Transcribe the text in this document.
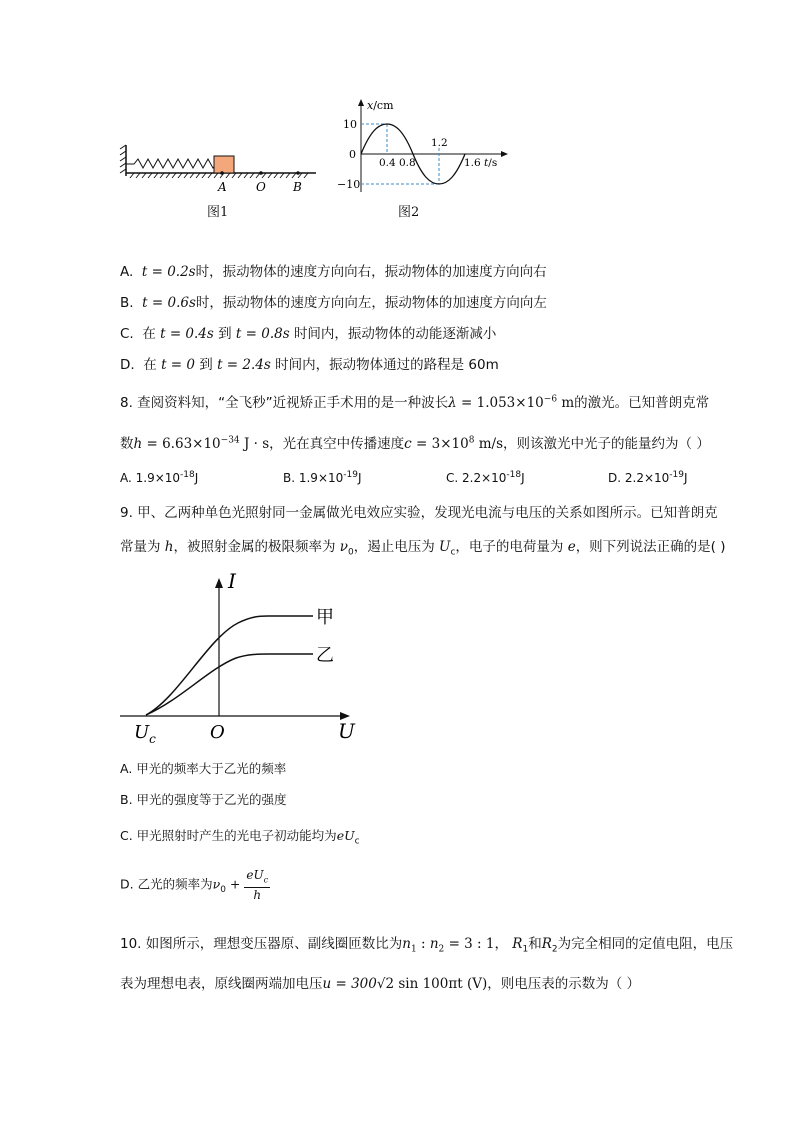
A O B
图1
x/cm
10
0
−10
0.4 0.8
1.2
1.6 t/s
图2
A. t = 0.2s时，振动物体的速度方向向右，振动物体的加速度方向向右
B. t = 0.6s时，振动物体的速度方向向左，振动物体的加速度方向向左
C. 在 t = 0.4s 到 t = 0.8s 时间内，振动物体的动能逐渐减小
D. 在 t = 0 到 t = 2.4s 时间内，振动物体通过的路程是 60m
8. 查阅资料知，“全飞秒”近视矫正手术用的是一种波长$\lambda = 1.053\times 10^{-6}$ m的激光。已知普朗克常
数$h = 6.63\times 10^{-34}$ J · s，光在真空中传播速度$c = 3\times 10^8$ m/s，则该激光中光子的能量约为（ ）
A. $1.9\times 10^{-18}J$	B. $1.9\times 10^{-19}J$	C. $2.2\times 10^{-18}J$	D. $2.2\times 10^{-19}J$
9. 甲、乙两种单色光照射同一金属做光电效应实验，发现光电流与电压的关系如图所示。已知普朗克
常量为 h，被照射金属的极限频率为 $\nu_0$，遏止电压为 $U_c$，电子的电荷量为 e，则下列说法正确的是( )
I
U
O
$U_c$
甲
乙
A. 甲光的频率大于乙光的频率
B. 甲光的强度等于乙光的强度
C. 甲光照射时产生的光电子初动能均为$eU_c$
D. 乙光的频率为$\nu_0 + \frac{eU_c}{h}$
10. 如图所示，理想变压器原、副线圈匝数比为$n_1$ : $n_2 = 3$ : 1， $R_1$和$R_2$为完全相同的定值电阻，电压
表为理想电表，原线圈两端加电压u = 300√2 sin 100πt (V)，则电压表的示数为（ ）
